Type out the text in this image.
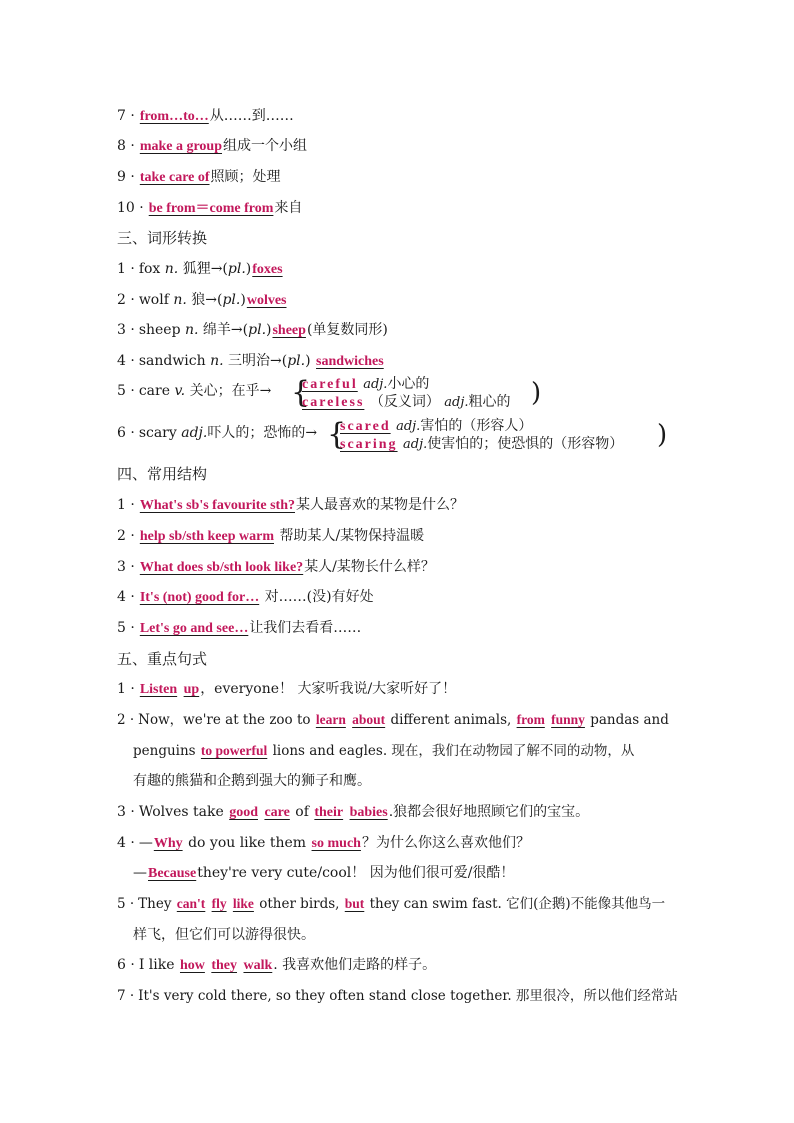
7 · from…to…从……到……
8 · make a group组成一个小组
9 · take care of照顾；处理
10 · be from＝come from来自
三、词形转换
1 · fox n. 狐狸→(pl.)foxes
2 · wolf n. 狼→(pl.)wolves
3 · sheep n. 绵羊→(pl.)sheep(单复数同形)
4 · sandwich n. 三明治→(pl.) sandwiches
5 · care v. 关心；在乎→ {
careful adj.小心的
careless （反义词） adj.粗心的 )
6 · scary adj.吓人的；恐怖的→ {
scared adj.害怕的（形容人）
scaring adj.使害怕的；使恐惧的（形容物） )
四、常用结构
1 · What's sb's favourite sth?某人最喜欢的某物是什么？
2 · help sb/sth keep warm 帮助某人/某物保持温暖
3 · What does sb/sth look like?某人/某物长什么样？
4 · It's (not) good for… 对……(没)有好处
5 · Let's go and see…让我们去看看……
五、重点句式
1 · Listen up，everyone！ 大家听我说/大家听好了！
2 · Now，we're at the zoo to learn about different animals, from funny pandas and
penguins to powerful lions and eagles. 现在，我们在动物园了解不同的动物，从
有趣的熊猫和企鹅到强大的狮子和鹰。
3 · Wolves take good care of their babies.狼都会很好地照顾它们的宝宝。
4 · —Why do you like them so much？为什么你这么喜欢他们？
—Becausethey're very cute/cool！ 因为他们很可爱/很酷！
5 · They can't fly like other birds, but they can swim fast. 它们(企鹅)不能像其他鸟一
样飞，但它们可以游得很快。
6 · I like how they walk. 我喜欢他们走路的样子。
7 · It's very cold there, so they often stand close together. 那里很冷，所以他们经常站
